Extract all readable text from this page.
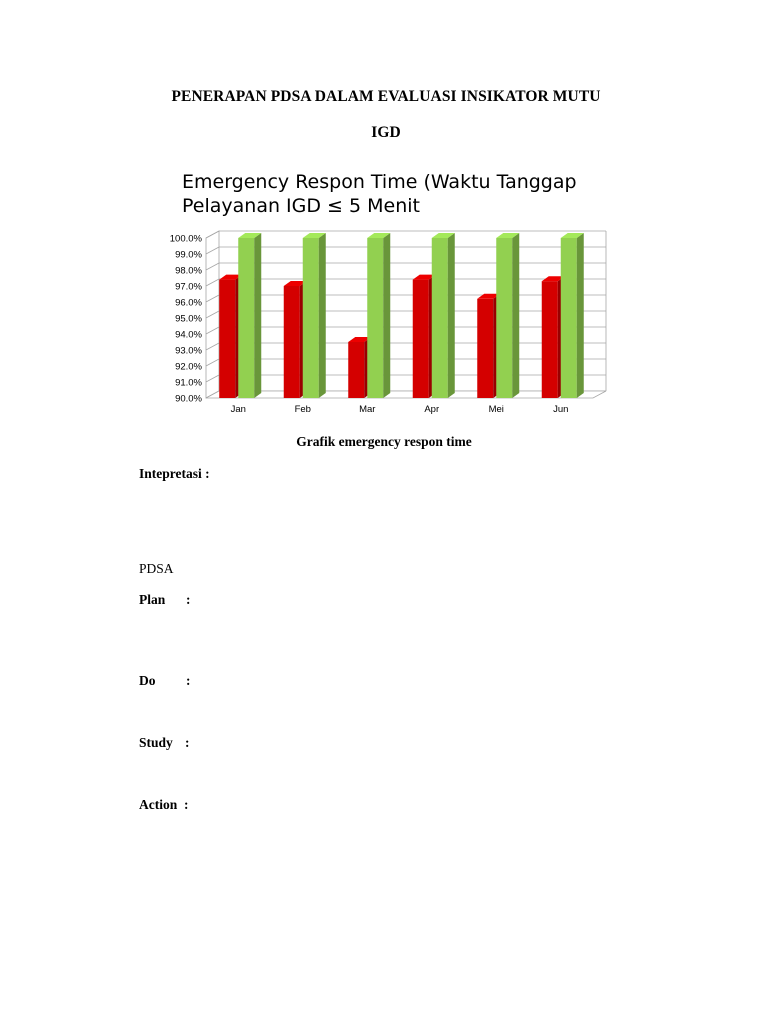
PENERAPAN PDSA DALAM EVALUASI INSIKATOR MUTU
IGD
Emergency Respon Time (Waktu Tanggap
Pelayanan IGD ≤ 5 Menit
90.0%
91.0%
92.0%
93.0%
94.0%
95.0%
96.0%
97.0%
98.0%
99.0%
100.0%
Jan	Feb	Mar	Apr	Mei	Jun
Grafik emergency respon time
Intepretasi :
PDSA
Plan :
Do :
Study :
Action :
